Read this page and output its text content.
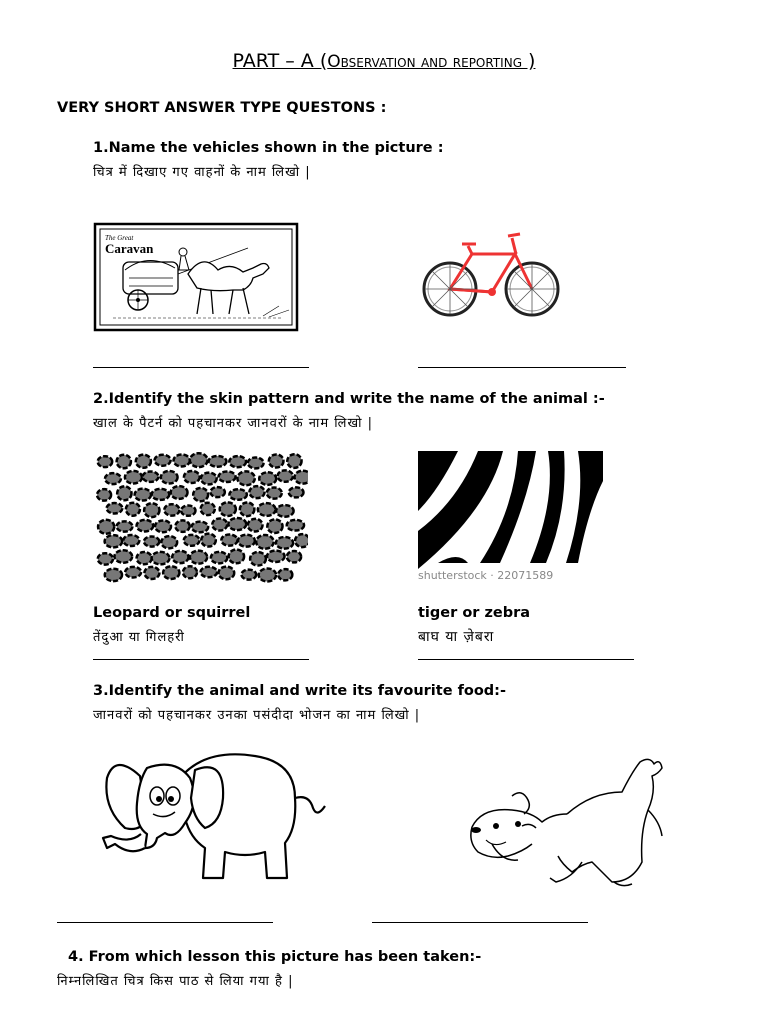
PART – A (Observation and reporting )
VERY SHORT ANSWER TYPE QUESTONS :
1.Name the vehicles shown in the picture :
चित्र में दिखाए गए वाहनों के नाम लिखो |
The Great
Caravan
2.Identify the skin pattern and write the name of the animal :-
खाल के पैटर्न को पहचानकर जानवरों के नाम लिखो |
shutterstock · 22071589
Leopard or squirrel	tiger or zebra
तेंदुआ या गिलहरी	बाघ या ज़ेबरा
3.Identify the animal and write its favourite food:-
जानवरों को पहचानकर उनका पसंदीदा भोजन का नाम लिखो |
4. From which lesson this picture has been taken:-
निम्नलिखित चित्र किस पाठ से लिया गया है |
